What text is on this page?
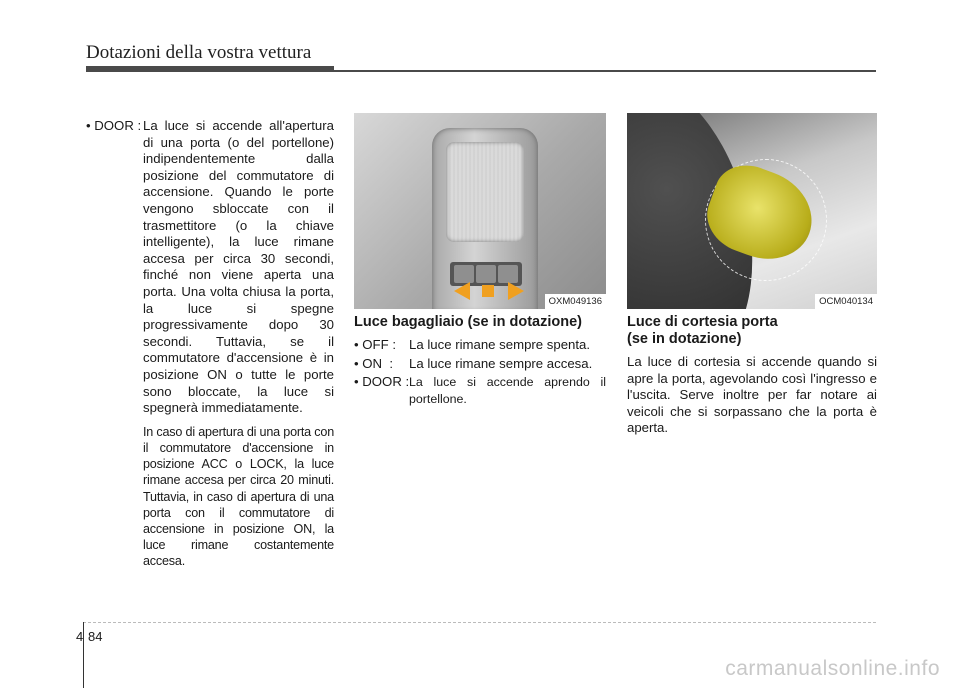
Dotazioni della vostra vettura
• DOOR : La luce si accende all'apertura di una porta (o del portellone) indipendentemente dalla posizione del commutatore di accensione. Quando le porte vengono sbloccate con il trasmettitore (o la chiave intelligente), la luce rimane accesa per circa 30 secondi, finché non viene aperta una porta. Una volta chiusa la porta, la luce si spegne progressivamente dopo 30 secondi. Tuttavia, se il commutatore d'accensione è in posizione ON o tutte le porte sono bloccate, la luce si spegnerà immediatamente.
In caso di apertura di una porta con il commutatore d'accensione in posizione ACC o LOCK, la luce rimane accesa per circa 20 minuti. Tuttavia, in caso di apertura di una porta con il commutatore di accensione in posizione ON, la luce rimane costantemente accesa.
OXM049136	OCM040134
Luce bagagliaio (se in dotazione)
• OFF : La luce rimane sempre spenta.
• ON  :	La luce rimane sempre accesa.
• DOOR : La luce si accende aprendo il portellone.
Luce di cortesia porta
(se in dotazione)
La luce di cortesia si accende quando si apre la porta, agevolando così l'ingresso e l'uscita. Serve inoltre per far notare ai veicoli che si sorpassano che la porta è aperta.
4 84
carmanualsonline.info
